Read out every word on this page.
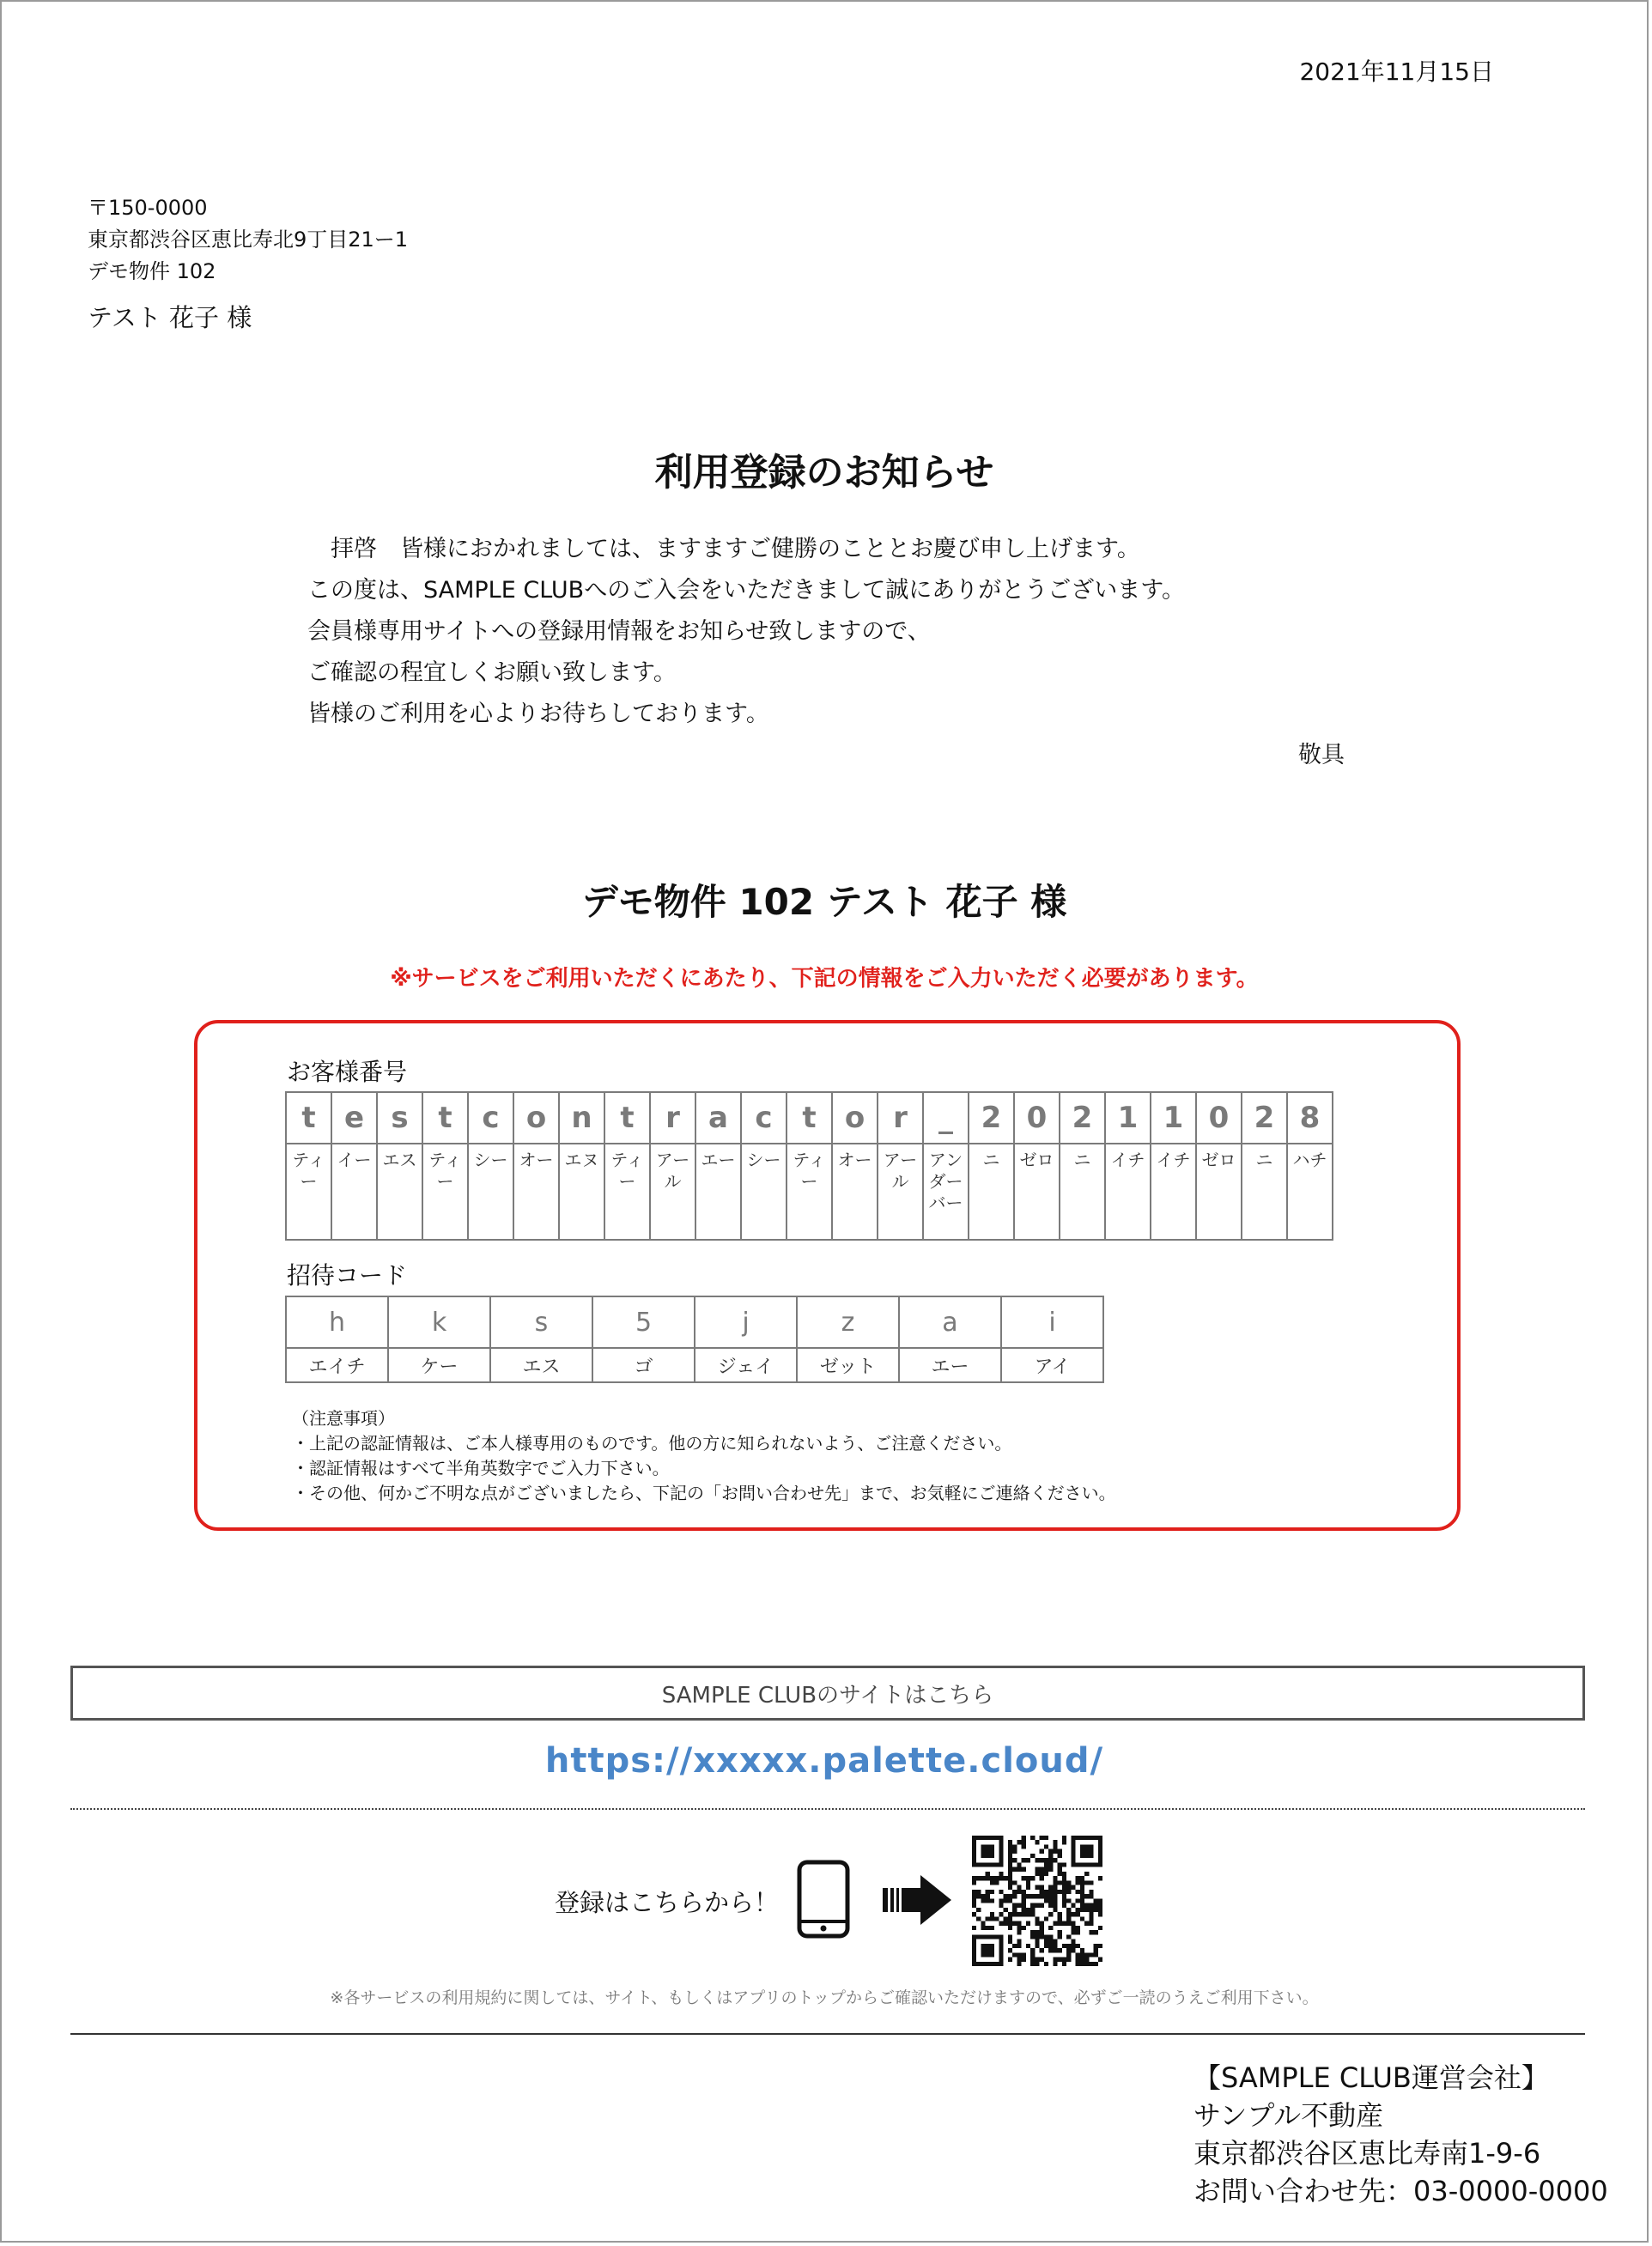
2021年11月15日
〒150-0000
東京都渋谷区恵比寿北9丁目21ー1
デモ物件 102
テスト 花子 様
利用登録のお知らせ
　拝啓　皆様におかれましては、ますますご健勝のこととお慶び申し上げます。
この度は、SAMPLE CLUBへのご入会をいただきまして誠にありがとうございます。
会員様専用サイトへの登録用情報をお知らせ致しますので、
ご確認の程宜しくお願い致します。
皆様のご利用を心よりお待ちしております。
敬具
デモ物件 102 テスト 花子 様
※サービスをご利用いただくにあたり、下記の情報をご入力いただく必要があります。
お客様番号
t	e	s	t	c	o	n	t	r	a	c	t	o	r	_	2	0	2	1	1	0	2	8
ティー	イー	エス	ティー	シー	オー	エヌ	ティー	アール	エー	シー	ティー	オー	アール	アンダーバー	ニ	ゼロ	ニ	イチ	イチ	ゼロ	ニ	ハチ
招待コード
h	k	s	5	j	z	a	i
エイチ	ケー	エス	ゴ	ジェイ	ゼット	エー	アイ
（注意事項）
・上記の認証情報は、ご本人様専用のものです。他の方に知られないよう、ご注意ください。
・認証情報はすべて半角英数字でご入力下さい。
・その他、何かご不明な点がございましたら、下記の「お問い合わせ先」まで、お気軽にご連絡ください。
SAMPLE CLUBのサイトはこちら
https://xxxxx.palette.cloud/
登録はこちらから！
※各サービスの利用規約に関しては、サイト、もしくはアプリのトップからご確認いただけますので、必ずご一読のうえご利用下さい。
【SAMPLE CLUB運営会社】
サンプル不動産
東京都渋谷区恵比寿南1-9-6
お問い合わせ先：03-0000-0000
